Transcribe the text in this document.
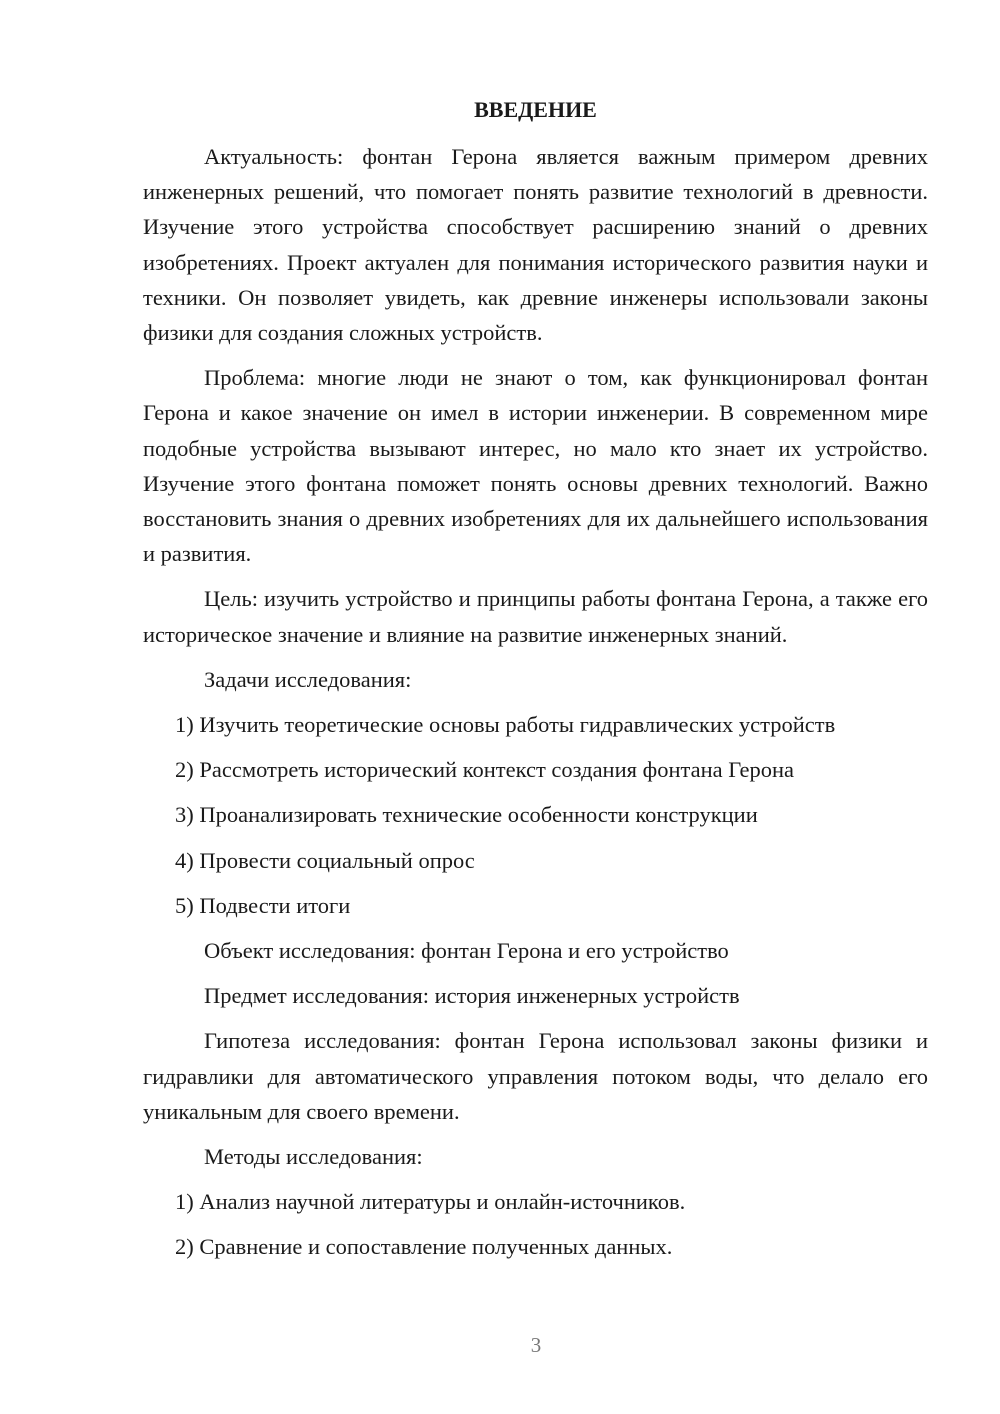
ВВЕДЕНИЕ

Актуальность: фонтан Герона является важным примером древних инженерных решений, что помогает понять развитие технологий в древности. Изучение этого устройства способствует расширению знаний о древних изобретениях. Проект актуален для понимания исторического развития науки и техники. Он позволяет увидеть, как древние инженеры использовали законы физики для создания сложных устройств.

Проблема: многие люди не знают о том, как функционировал фонтан Герона и какое значение он имел в истории инженерии. В современном мире подобные устройства вызывают интерес, но мало кто знает их устройство. Изучение этого фонтана поможет понять основы древних технологий. Важно восстановить знания о древних изобретениях для их дальнейшего использования и развития.

Цель: изучить устройство и принципы работы фонтана Герона, а также его историческое значение и влияние на развитие инженерных знаний.

Задачи исследования:

1) Изучить теоретические основы работы гидравлических устройств

2) Рассмотреть исторический контекст создания фонтана Герона

3) Проанализировать технические особенности конструкции

4) Провести социальный опрос

5) Подвести итоги

Объект исследования: фонтан Герона и его устройство

Предмет исследования: история инженерных устройств

Гипотеза исследования: фонтан Герона использовал законы физики и гидравлики для автоматического управления потоком воды, что делало его уникальным для своего времени.

Методы исследования:

1) Анализ научной литературы и онлайн-источников.

2) Сравнение и сопоставление полученных данных.

3
